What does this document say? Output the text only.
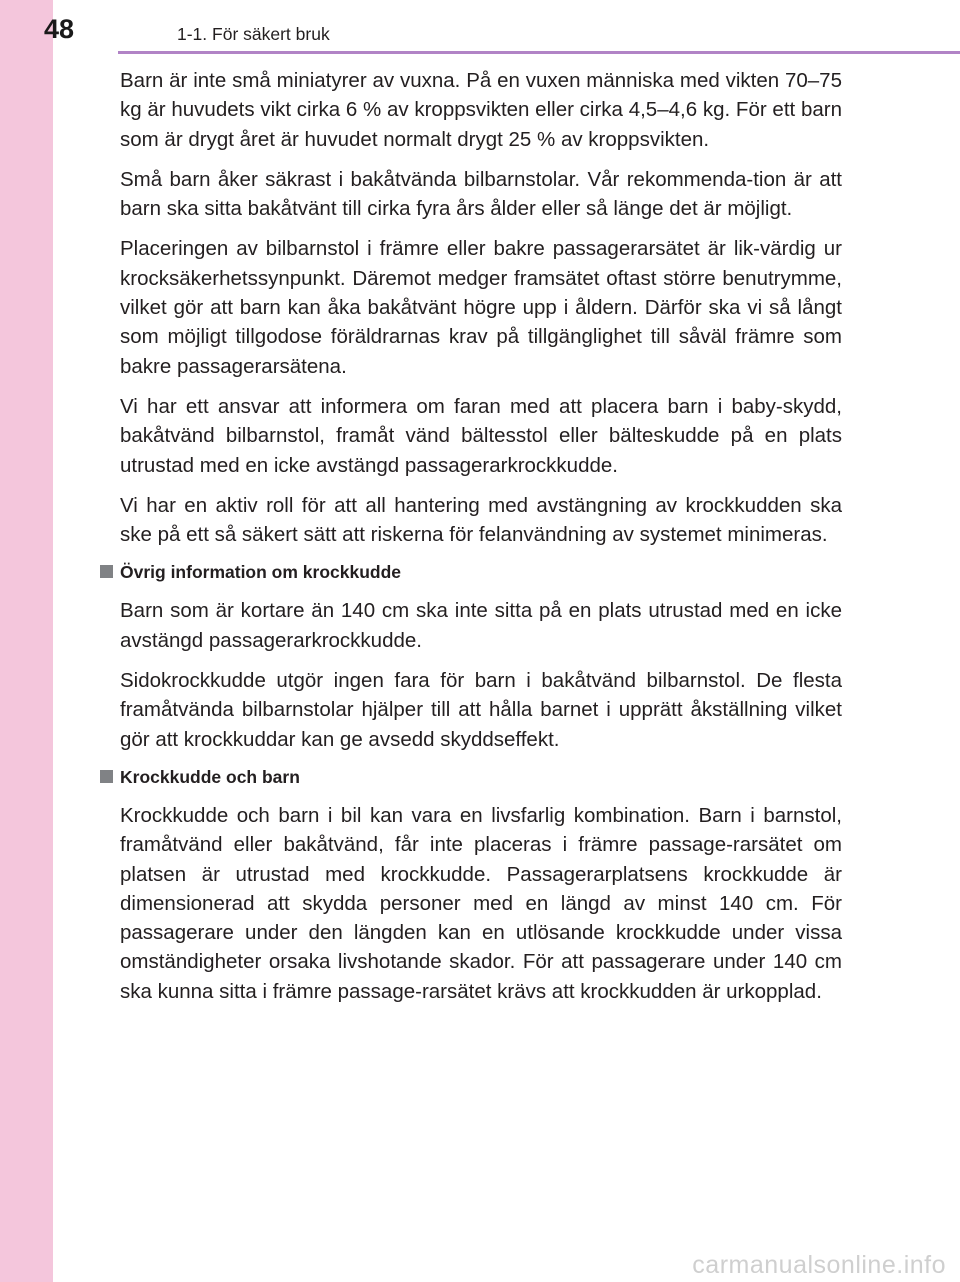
48	1-1. För säkert bruk

Barn är inte små miniatyrer av vuxna. På en vuxen människa med vikten 70–75 kg är huvudets vikt cirka 6 % av kroppsvikten eller cirka 4,5–4,6 kg. För ett barn som är drygt året är huvudet normalt drygt 25 % av kroppsvikten.

Små barn åker säkrast i bakåtvända bilbarnstolar. Vår rekommenda-tion är att barn ska sitta bakåtvänt till cirka fyra års ålder eller så länge det är möjligt.

Placeringen av bilbarnstol i främre eller bakre passagerarsätet är lik-värdig ur krocksäkerhetssynpunkt. Däremot medger framsätet oftast större benutrymme, vilket gör att barn kan åka bakåtvänt högre upp i åldern. Därför ska vi så långt som möjligt tillgodose föräldrarnas krav på tillgänglighet till såväl främre som bakre passagerarsätena.

Vi har ett ansvar att informera om faran med att placera barn i baby-skydd, bakåtvänd bilbarnstol, framåt vänd bältesstol eller bälteskudde på en plats utrustad med en icke avstängd passagerarkrockkudde.

Vi har en aktiv roll för att all hantering med avstängning av krockkudden ska ske på ett så säkert sätt att riskerna för felanvändning av systemet minimeras.

Övrig information om krockkudde

Barn som är kortare än 140 cm ska inte sitta på en plats utrustad med en icke avstängd passagerarkrockkudde.

Sidokrockkudde utgör ingen fara för barn i bakåtvänd bilbarnstol. De flesta framåtvända bilbarnstolar hjälper till att hålla barnet i upprätt åkställning vilket gör att krockkuddar kan ge avsedd skyddseffekt.

Krockkudde och barn

Krockkudde och barn i bil kan vara en livsfarlig kombination. Barn i barnstol, framåtvänd eller bakåtvänd, får inte placeras i främre passage-rarsätet om platsen är utrustad med krockkudde. Passagerarplatsens krockkudde är dimensionerad att skydda personer med en längd av minst 140 cm. För passagerare under den längden kan en utlösande krockkudde under vissa omständigheter orsaka livshotande skador. För att passagerare under 140 cm ska kunna sitta i främre passage-rarsätet krävs att krockkudden är urkopplad.

carmanualsonline.info
